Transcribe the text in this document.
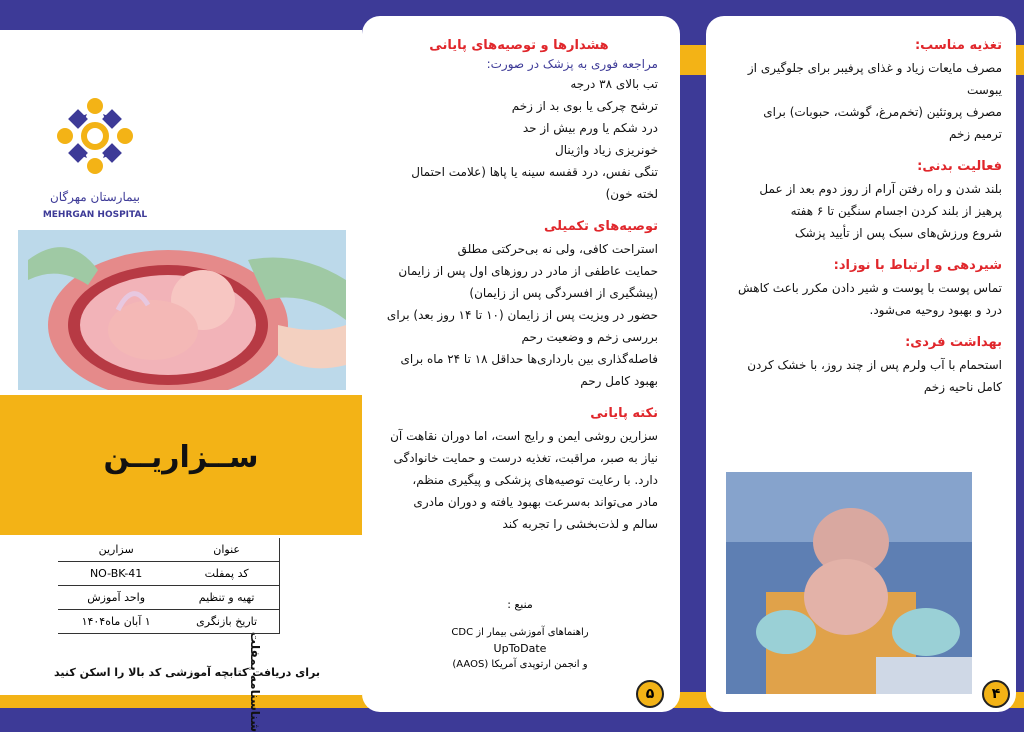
بیمارستان مهرگان
MEHRGAN HOSPITAL
ســزاریــن
شناسنامه پمفلت
عنوان	سزارین
کد پمفلت	NO-BK-41
تهیه و تنظیم	واحد آموزش
تاریخ بازنگری	۱ آبان ماه۱۴۰۴
برای دریافت کتابچه آموزشی کد بالا را اسکن کنید
هشدارها و توصیه‌های پایانی
مراجعه فوری به پزشک در صورت:
تب بالای ۳۸ درجه
ترشح چرکی یا بوی بد از زخم
درد شکم یا ورم بیش از حد
خونریزی زیاد واژینال
تنگی نفس، درد قفسه سینه یا پاها (علامت احتمال
لخته خون)
توصیه‌های تکمیلی
استراحت کافی، ولی نه بی‌حرکتی مطلق
حمایت عاطفی از مادر در روزهای اول پس از زایمان
(پیشگیری از افسردگی پس از زایمان)
حضور در ویزیت پس از زایمان (۱۰ تا ۱۴ روز بعد) برای
بررسی زخم و وضعیت رحم
فاصله‌گذاری بین بارداری‌ها حداقل ۱۸ تا ۲۴ ماه برای
بهبود کامل رحم
نکته پایانی
سزارین روشی ایمن و رایج است، اما دوران نقاهت آن
نیاز به صبر، مراقبت، تغذیه درست و حمایت خانوادگی
دارد. با رعایت توصیه‌های پزشکی و پیگیری منظم،
مادر می‌تواند به‌سرعت بهبود یافته و دوران مادری
سالم و لذت‌بخشی را تجربه کند
منبع :
راهنماهای آموزشی بیمار از CDC
UpToDate
و انجمن ارتوپدی آمریکا (AAOS)
۵
تغذیه مناسب:
مصرف مایعات زیاد و غذای پرفیبر برای جلوگیری از
یبوست
مصرف پروتئین (تخم‌مرغ، گوشت، حبوبات) برای
ترمیم زخم
فعالیت بدنی:
بلند شدن و راه رفتن آرام از روز دوم بعد از عمل
پرهیز از بلند کردن اجسام سنگین تا ۶ هفته
شروع ورزش‌های سبک پس از تأیید پزشک
شیردهی و ارتباط با نوزاد:
تماس پوست با پوست و شیر دادن مکرر باعث کاهش
درد و بهبود روحیه می‌شود.
بهداشت فردی:
استحمام با آب ولرم پس از چند روز، با خشک کردن
کامل ناحیه زخم
۴
